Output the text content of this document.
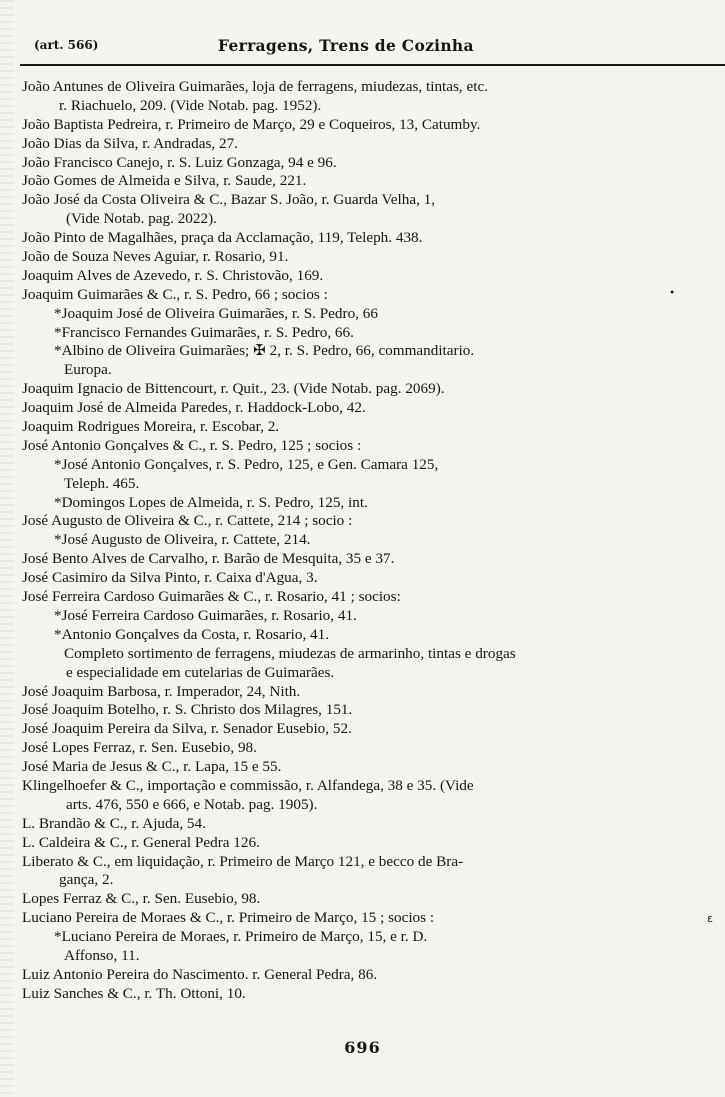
(art. 566)	Ferragens, Trens de Cozinha
João Antunes de Oliveira Guimarães, loja de ferragens, miudezas, tintas, etc.
r. Riachuelo, 209. (Vide Notab. pag. 1952).
João Baptista Pedreira, r. Primeiro de Março, 29 e Coqueiros, 13, Catumby.
João Dias da Silva, r. Andradas, 27.
João Francisco Canejo, r. S. Luiz Gonzaga, 94 e 96.
João Gomes de Almeida e Silva, r. Saude, 221.
João José da Costa Oliveira & C., Bazar S. João, r. Guarda Velha, 1,
(Vide Notab. pag. 2022).
João Pinto de Magalhães, praça da Acclamação, 119, Teleph. 438.
João de Souza Neves Aguiar, r. Rosario, 91.
Joaquim Alves de Azevedo, r. S. Christovão, 169.
Joaquim Guimarães & C., r. S. Pedro, 66 ; socios :
*Joaquim José de Oliveira Guimarães, r. S. Pedro, 66
*Francisco Fernandes Guimarães, r. S. Pedro, 66.
*Albino de Oliveira Guimarães; ✠ 2, r. S. Pedro, 66, commanditario.
Europa.
Joaquim Ignacio de Bittencourt, r. Quit., 23. (Vide Notab. pag. 2069).
Joaquim José de Almeida Paredes, r. Haddock-Lobo, 42.
Joaquim Rodrigues Moreira, r. Escobar, 2.
José Antonio Gonçalves & C., r. S. Pedro, 125 ; socios :
*José Antonio Gonçalves, r. S. Pedro, 125, e Gen. Camara 125,
Teleph. 465.
*Domingos Lopes de Almeida, r. S. Pedro, 125, int.
José Augusto de Oliveira & C., r. Cattete, 214 ; socio :
*José Augusto de Oliveira, r. Cattete, 214.
José Bento Alves de Carvalho, r. Barão de Mesquita, 35 e 37.
José Casimiro da Silva Pinto, r. Caixa d'Agua, 3.
José Ferreira Cardoso Guimarães & C., r. Rosario, 41 ; socios:
*José Ferreira Cardoso Guimarães, r. Rosario, 41.
*Antonio Gonçalves da Costa, r. Rosario, 41.
Completo sortimento de ferragens, miudezas de armarinho, tintas e drogas
e especialidade em cutelarias de Guimarães.
José Joaquim Barbosa, r. Imperador, 24, Nith.
José Joaquim Botelho, r. S. Christo dos Milagres, 151.
José Joaquim Pereira da Silva, r. Senador Eusebio, 52.
José Lopes Ferraz, r. Sen. Eusebio, 98.
José Maria de Jesus & C., r. Lapa, 15 e 55.
Klingelhoefer & C., importação e commissão, r. Alfandega, 38 e 35. (Vide
arts. 476, 550 e 666, e Notab. pag. 1905).
L. Brandão & C., r. Ajuda, 54.
L. Caldeira & C., r. General Pedra 126.
Liberato & C., em liquidação, r. Primeiro de Março 121, e becco de Bra-
gança, 2.
Lopes Ferraz & C., r. Sen. Eusebio, 98.
Luciano Pereira de Moraes & C., r. Primeiro de Março, 15 ; socios :
*Luciano Pereira de Moraes, r. Primeiro de Março, 15, e r. D.
Affonso, 11.
Luiz Antonio Pereira do Nascimento. r. General Pedra, 86.
Luiz Sanches & C., r. Th. Ottoni, 10.
•
ε
696
